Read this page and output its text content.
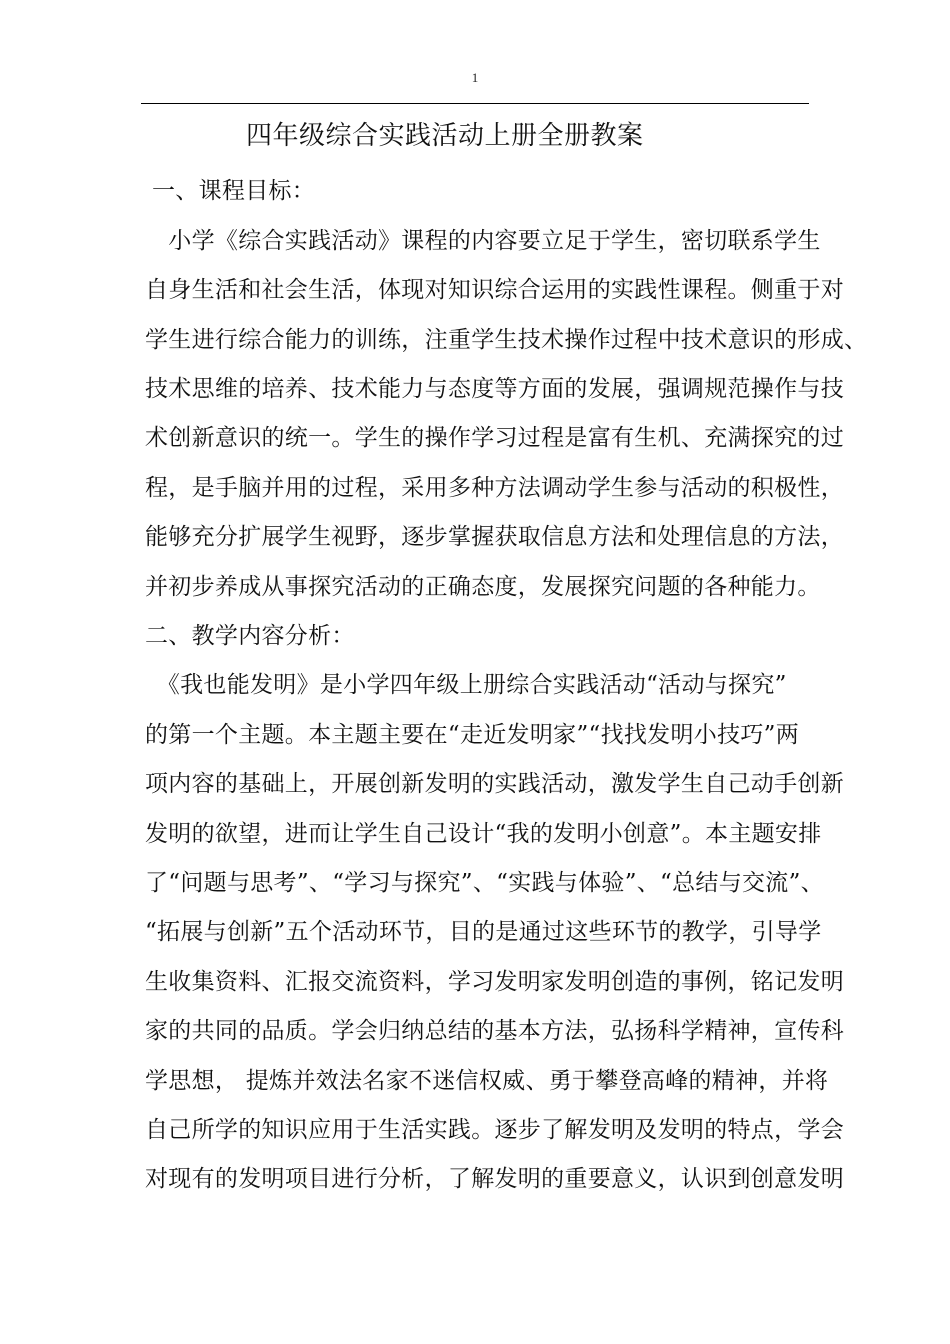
1
四年级综合实践活动上册全册教案
一、课程目标：
　小学《综合实践活动》课程的内容要立足于学生，密切联系学生
自身生活和社会生活，体现对知识综合运用的实践性课程。侧重于对
学生进行综合能力的训练，注重学生技术操作过程中技术意识的形成、
技术思维的培养、技术能力与态度等方面的发展，强调规范操作与技
术创新意识的统一。学生的操作学习过程是富有生机、充满探究的过
程，是手脑并用的过程，采用多种方法调动学生参与活动的积极性，
能够充分扩展学生视野，逐步掌握获取信息方法和处理信息的方法，
并初步养成从事探究活动的正确态度，发展探究问题的各种能力。
二、教学内容分析：
　《我也能发明》是小学四年级上册综合实践活动“活动与探究”
的第一个主题。本主题主要在“走近发明家”“找找发明小技巧”两
项内容的基础上，开展创新发明的实践活动，激发学生自己动手创新
发明的欲望，进而让学生自己设计“我的发明小创意”。本主题安排
了“问题与思考”、“学习与探究”、“实践与体验”、“总结与交流”、
“拓展与创新”五个活动环节，目的是通过这些环节的教学，引导学
生收集资料、汇报交流资料，学习发明家发明创造的事例，铭记发明
家的共同的品质。学会归纳总结的基本方法，弘扬科学精神，宣传科
学思想， 提炼并效法名家不迷信权威、勇于攀登高峰的精神，并将
自己所学的知识应用于生活实践。逐步了解发明及发明的特点，学会
对现有的发明项目进行分析，了解发明的重要意义，认识到创意发明
